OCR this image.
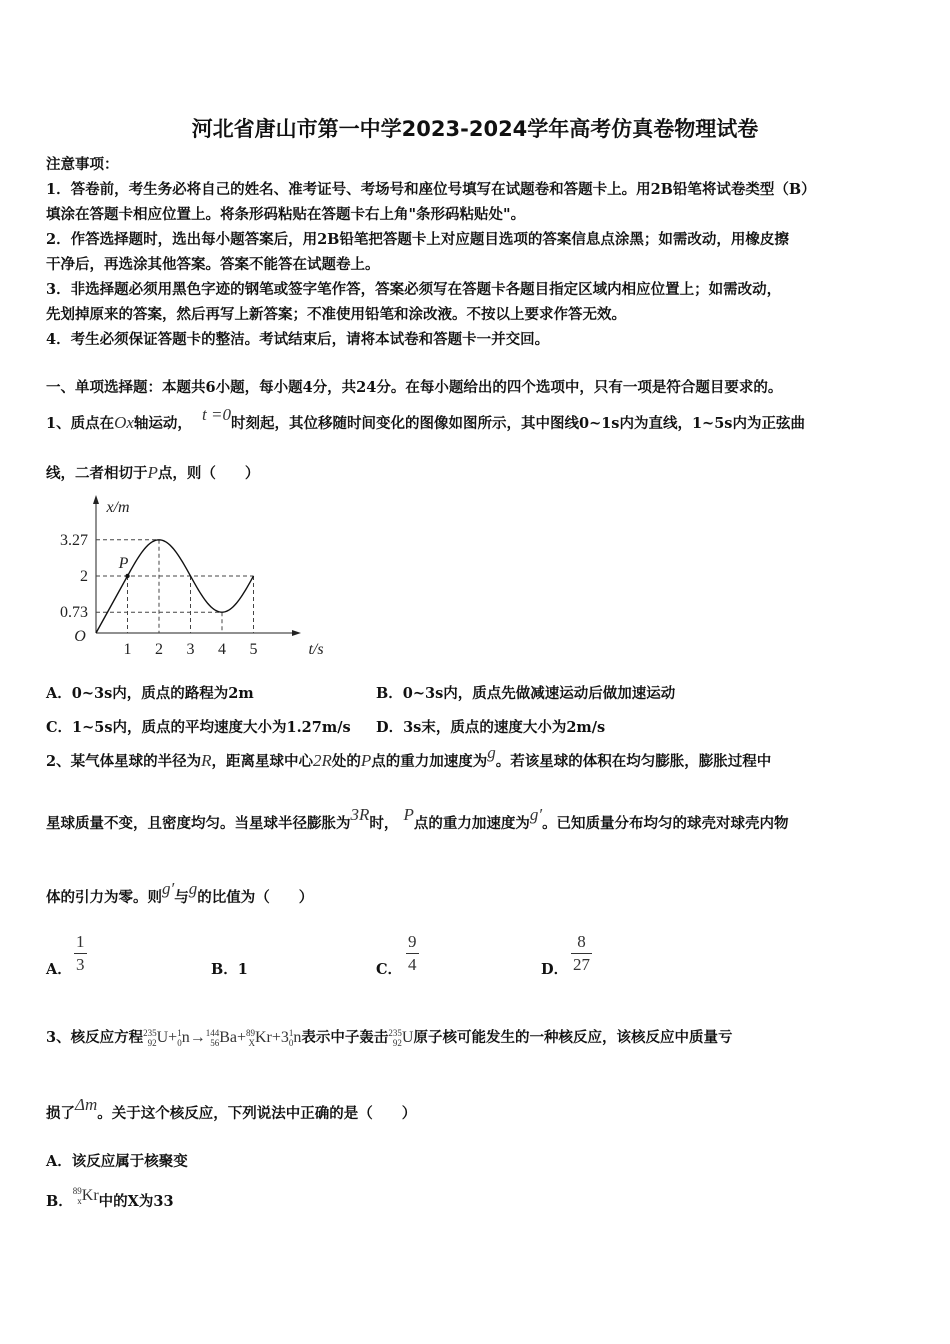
河北省唐山市第一中学2023-2024学年高考仿真卷物理试卷
注意事项：
1．答卷前，考生务必将自己的姓名、准考证号、考场号和座位号填写在试题卷和答题卡上。用2B铅笔将试卷类型（B）
填涂在答题卡相应位置上。将条形码粘贴在答题卡右上角"条形码粘贴处"。
2．作答选择题时，选出每小题答案后，用2B铅笔把答题卡上对应题目选项的答案信息点涂黑；如需改动，用橡皮擦
干净后，再选涂其他答案。答案不能答在试题卷上。
3．非选择题必须用黑色字迹的钢笔或签字笔作答，答案必须写在答题卡各题目指定区域内相应位置上；如需改动，
先划掉原来的答案，然后再写上新答案；不准使用铅笔和涂改液。不按以上要求作答无效。
4．考生必须保证答题卡的整洁。考试结束后，请将本试卷和答题卡一并交回。
一、单项选择题：本题共6小题，每小题4分，共24分。在每小题给出的四个选项中，只有一项是符合题目要求的。
1、质点在Ox轴运动， t =0时刻起，其位移随时间变化的图像如图所示，其中图线0~1s内为直线，1~5s内为正弦曲
线，二者相切于P点，则（　　）
1 2 3 4 5
3.27
2
0.73
O
P
t/s
x/m
A．0~3s内，质点的路程为2m	B．0~3s内，质点先做减速运动后做加速运动
C．1~5s内，质点的平均速度大小为1.27m/s D．3s末，质点的速度大小为2m/s
2、某气体星球的半径为R，距离星球中心2R处的P点的重力加速度为g。若该星球的体积在均匀膨胀，膨胀过程中
星球质量不变，且密度均匀。当星球半径膨胀为3R时， P点的重力加速度为g′。已知质量分布均匀的球壳对球壳内物
体的引力为零。则g′与g的比值为（　　）
A．
1
3	B．1	C．
9
4	D．
8
27
3、核反应方程 235
92 U+ 1
0 n→ 144
56 Ba+ 89
X Kr+3 1
0 n表示中子轰击 235
92 U原子核可能发生的一种核反应，该核反应中质量亏
损了Δm。关于这个核反应，下列说法中正确的是（　　）
A．该反应属于核聚变
B．
89
x Kr中的X为33
